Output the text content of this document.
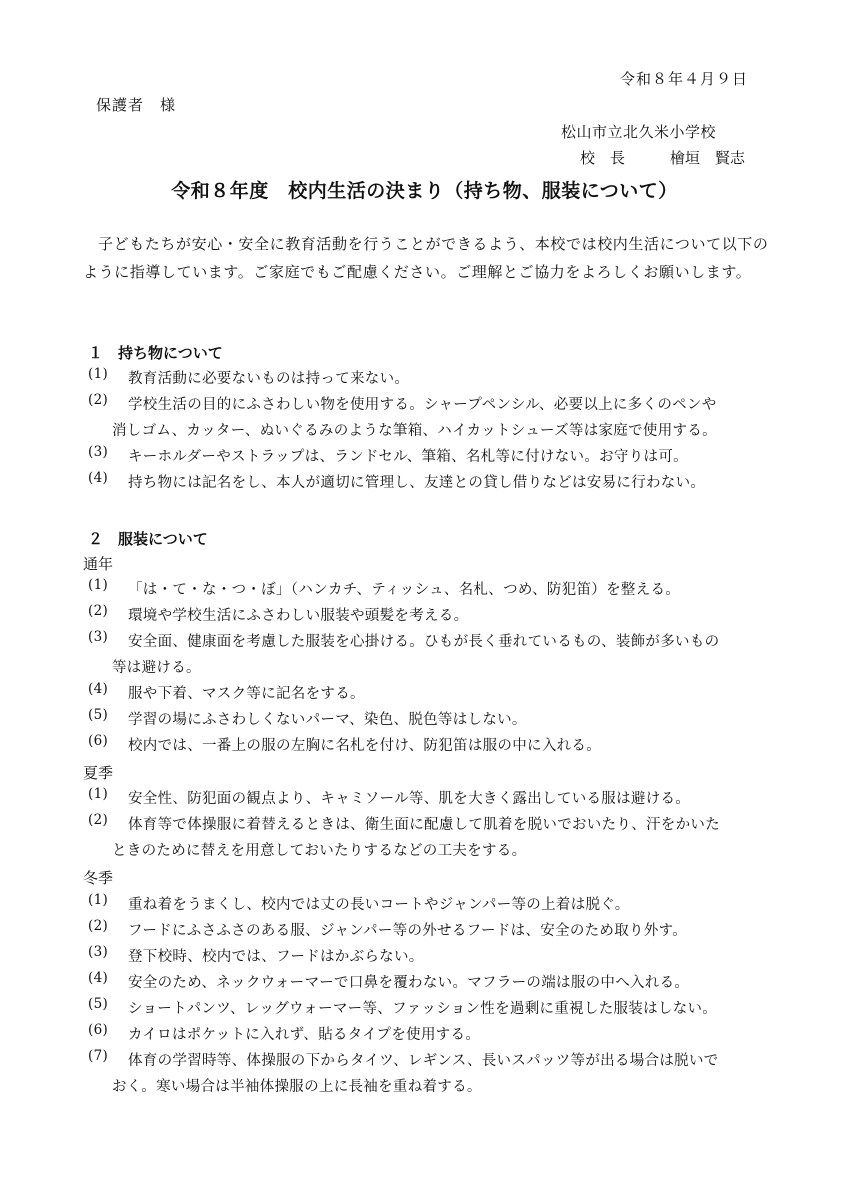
令和８年４月９日
保護者　様
松山市立北久米小学校
校　長　　　檜垣　賢志
令和８年度　校内生活の決まり（持ち物、服装について）
子どもたちが安心・安全に教育活動を行うことができるよう、本校では校内生活について以下のように指導しています。ご家庭でもご配慮ください。ご理解とご協力をよろしくお願いします。
１　持ち物について
(1) 教育活動に必要ないものは持って来ない。
(2) 学校生活の目的にふさわしい物を使用する。シャープペンシル、必要以上に多くのペンや
消しゴム、カッター、ぬいぐるみのような筆箱、ハイカットシューズ等は家庭で使用する。
(3) キーホルダーやストラップは、ランドセル、筆箱、名札等に付けない。お守りは可。
(4) 持ち物には記名をし、本人が適切に管理し、友達との貸し借りなどは安易に行わない。
２　服装について
通年
(1) 「は・て・な・つ・ぼ」（ハンカチ、ティッシュ、名札、つめ、防犯笛）を整える。
(2) 環境や学校生活にふさわしい服装や頭髪を考える。
(3) 安全面、健康面を考慮した服装を心掛ける。ひもが長く垂れているもの、装飾が多いもの
等は避ける。
(4) 服や下着、マスク等に記名をする。
(5) 学習の場にふさわしくないパーマ、染色、脱色等はしない。
(6) 校内では、一番上の服の左胸に名札を付け、防犯笛は服の中に入れる。
夏季
(1) 安全性、防犯面の観点より、キャミソール等、肌を大きく露出している服は避ける。
(2) 体育等で体操服に着替えるときは、衛生面に配慮して肌着を脱いでおいたり、汗をかいた
ときのために替えを用意しておいたりするなどの工夫をする。
冬季
(1) 重ね着をうまくし、校内では丈の長いコートやジャンパー等の上着は脱ぐ。
(2) フードにふさふさのある服、ジャンパー等の外せるフードは、安全のため取り外す。
(3) 登下校時、校内では、フードはかぶらない。
(4) 安全のため、ネックウォーマーで口鼻を覆わない。マフラーの端は服の中へ入れる。
(5) ショートパンツ、レッグウォーマー等、ファッション性を過剰に重視した服装はしない。
(6) カイロはポケットに入れず、貼るタイプを使用する。
(7) 体育の学習時等、体操服の下からタイツ、レギンス、長いスパッツ等が出る場合は脱いで
おく。寒い場合は半袖体操服の上に長袖を重ね着する。
